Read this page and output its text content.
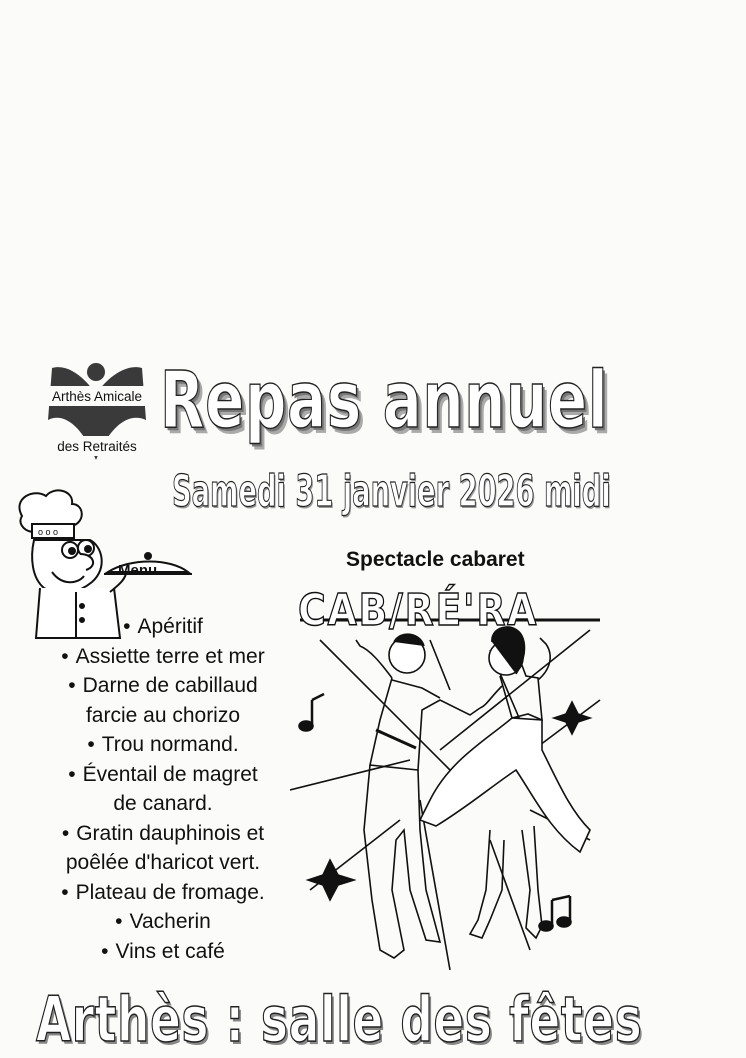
Arthès Amicale
des Retraités
Repas annuel
Samedi 31 janvier 2026 midi
o o o
Menu
• Apéritif
• Assiette terre et mer
• Darne de cabillaud
farcie au chorizo
• Trou normand.
• Éventail de magret
de canard.
• Gratin dauphinois et
poêlée d'haricot vert.
• Plateau de fromage.
• Vacherin
• Vins et café
Spectacle cabaret
CAB/RÉ'RA
Arthès : salle des fêtes
